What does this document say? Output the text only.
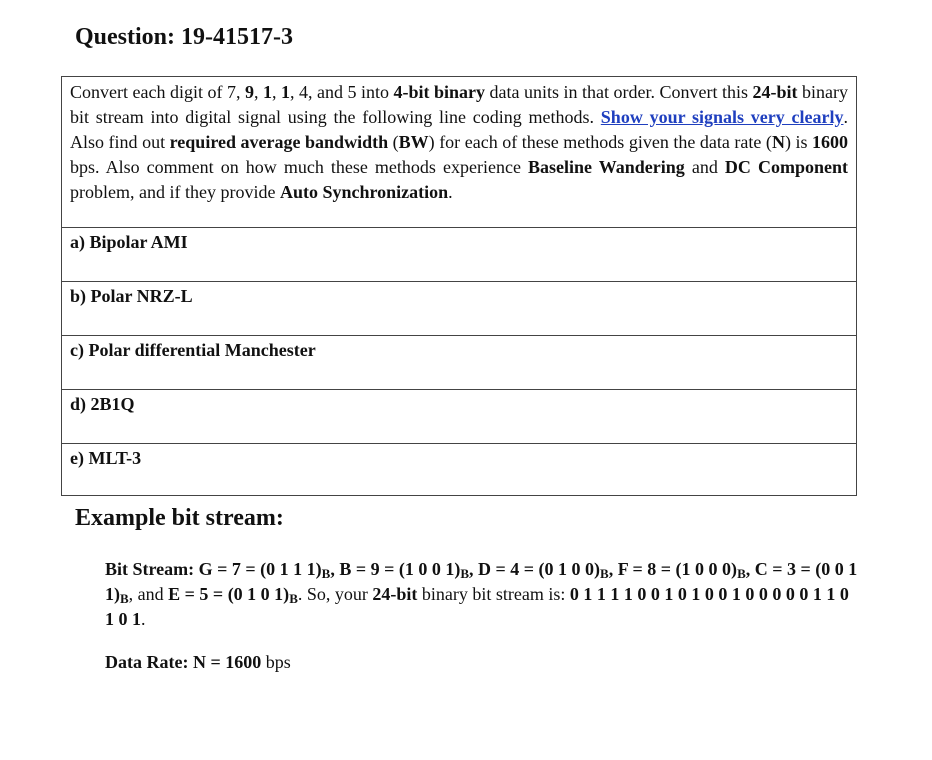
Question: 19-41517-3
Convert each digit of 7, 9, 1, 1, 4, and 5 into 4-bit binary data units in that order. Convert this 24-bit binary bit stream into digital signal using the following line coding methods. Show your signals very clearly. Also find out required average bandwidth (BW) for each of these methods given the data rate (N) is 1600 bps. Also comment on how much these methods experience Baseline Wandering and DC Component problem, and if they provide Auto Synchronization.
a) Bipolar AMI
b) Polar NRZ-L
c) Polar differential Manchester
d) 2B1Q
e) MLT-3
Example bit stream:

Bit Stream: G = 7 = (0 1 1 $1)_B$, B = 9 = (1 0 0 $1)_B$, D = 4 = (0 1 0 $0)_B$, F = 8 = (1 0 0 $0)_B$, C = 3 = (0 0 1 $1)_B$, and E = 5 = (0 1 0 $1)_B$. So, your 24-bit binary bit stream is: 0 1 1 1 1 0 0 1 0 1 0 0 1 0 0 0 0 0 1 1 0 1 0 1.

Data Rate: N = 1600 bps
